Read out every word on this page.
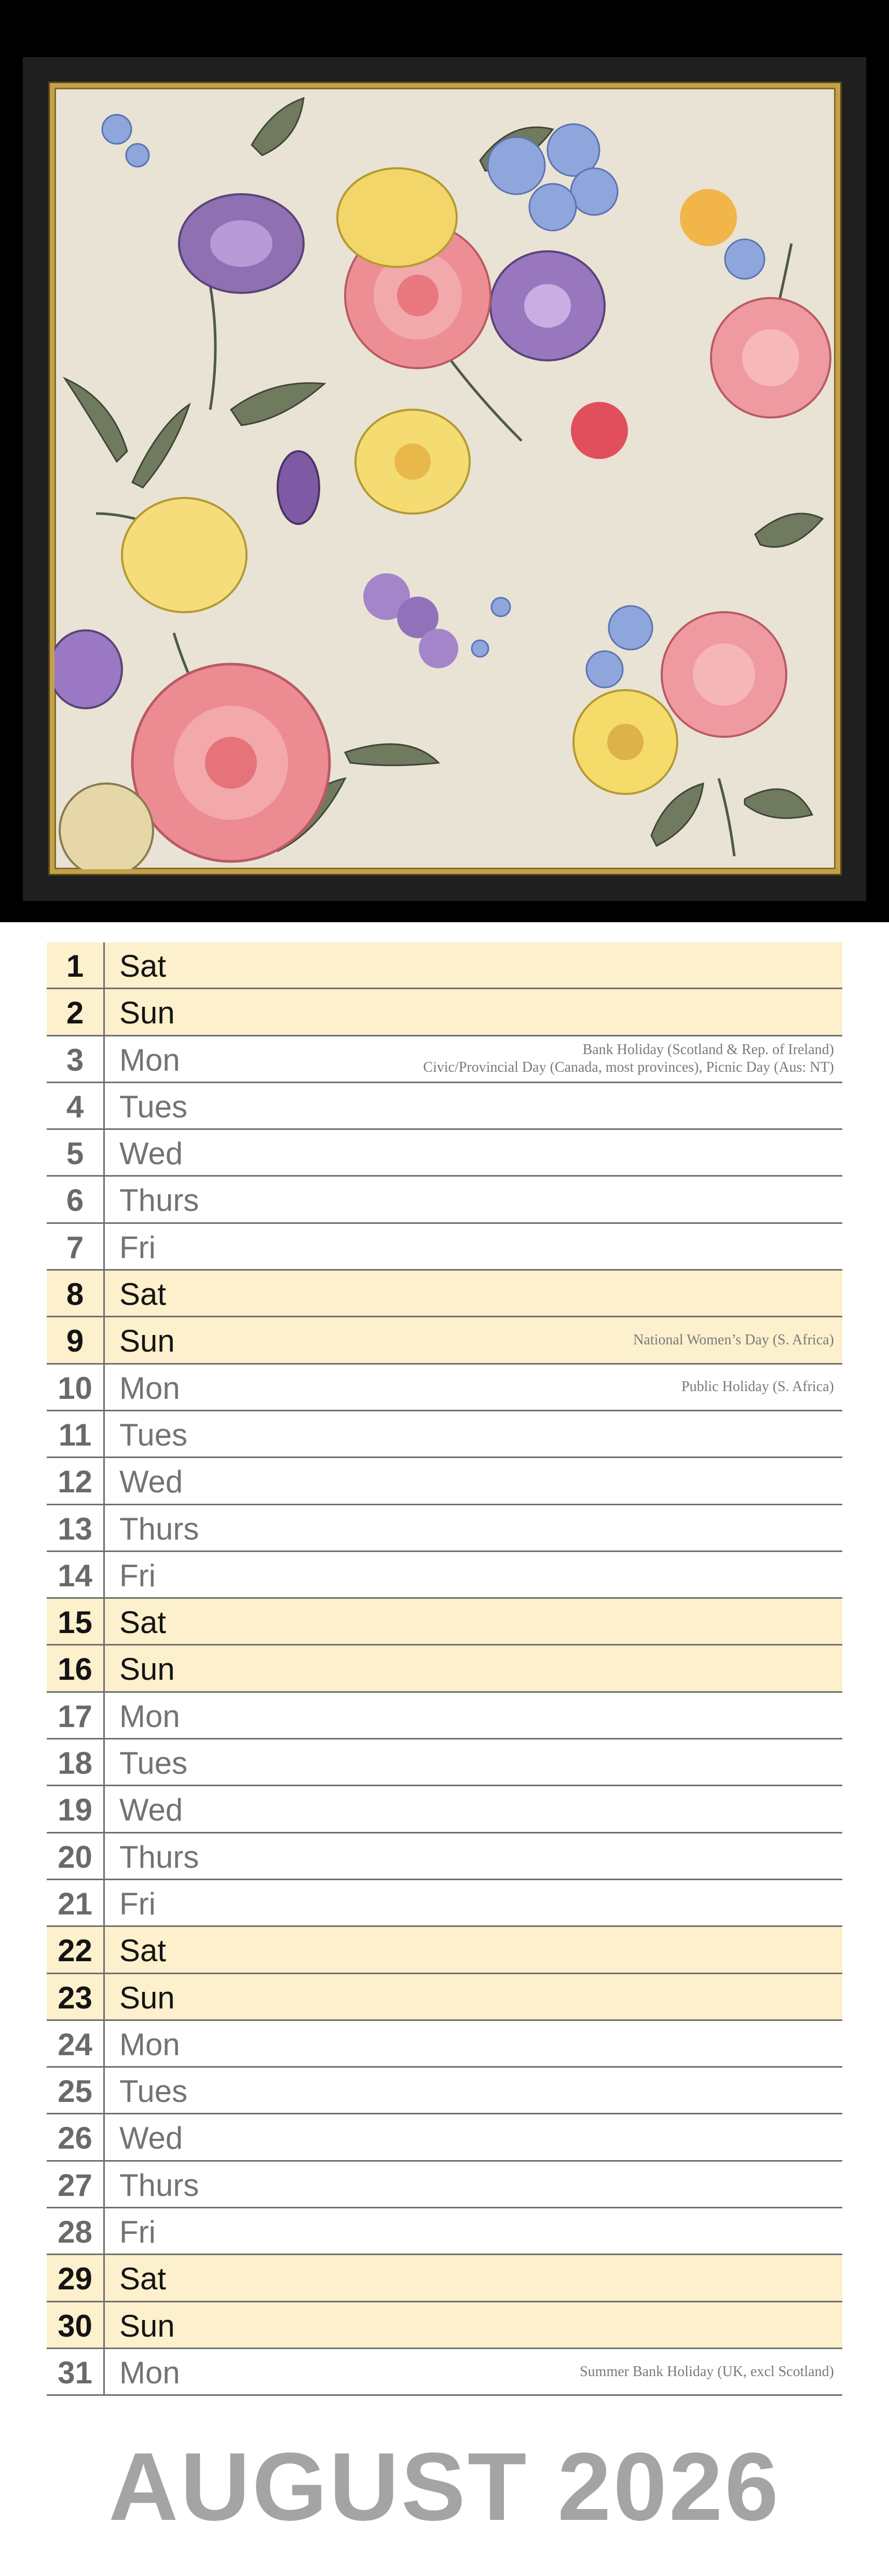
1	Sat
2	Sun
3	Mon	Bank Holiday (Scotland & Rep. of Ireland)
Civic/Provincial Day (Canada, most provinces), Picnic Day (Aus: NT)
4	Tues
5	Wed
6	Thurs
7	Fri
8	Sat
9	Sun	National Women’s Day (S. Africa)
10 Mon	Public Holiday (S. Africa)
11 Tues
12 Wed
13 Thurs
14 Fri
15 Sat
16 Sun
17 Mon
18 Tues
19 Wed
20 Thurs
21 Fri
22 Sat
23 Sun
24 Mon
25 Tues
26 Wed
27 Thurs
28 Fri
29 Sat
30 Sun
31 Mon	Summer Bank Holiday (UK, excl Scotland)
AUGUST 2026
